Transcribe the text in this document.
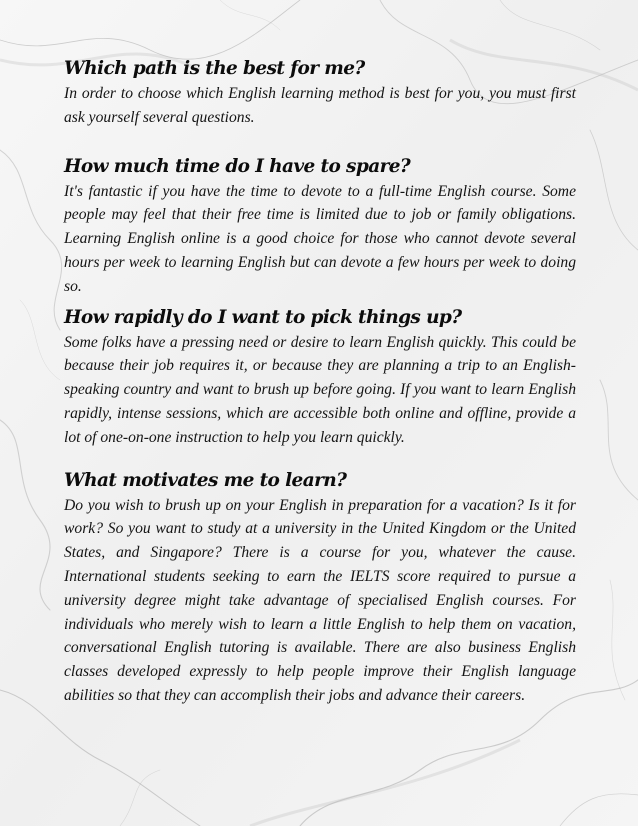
Which path is the best for me?

In order to choose which English learning method is best for you, you must first ask yourself several questions.

How much time do I have to spare?

It's fantastic if you have the time to devote to a full-time English course. Some people may feel that their free time is limited due to job or family obligations. Learning English online is a good choice for those who cannot devote several hours per week to learning English but can devote a few hours per week to doing so.

How rapidly do I want to pick things up?

Some folks have a pressing need or desire to learn English quickly. This could be because their job requires it, or because they are planning a trip to an English-speaking country and want to brush up before going. If you want to learn English rapidly, intense sessions, which are accessible both online and offline, provide a lot of one-on-one instruction to help you learn quickly.

What motivates me to learn?

Do you wish to brush up on your English in preparation for a vacation? Is it for work? So you want to study at a university in the United Kingdom or the United States, and Singapore? There is a course for you, whatever the cause. International students seeking to earn the IELTS score required to pursue a university degree might take advantage of specialised English courses. For individuals who merely wish to learn a little English to help them on vacation, conversational English tutoring is available. There are also business English classes developed expressly to help people improve their English language abilities so that they can accomplish their jobs and advance their careers.
